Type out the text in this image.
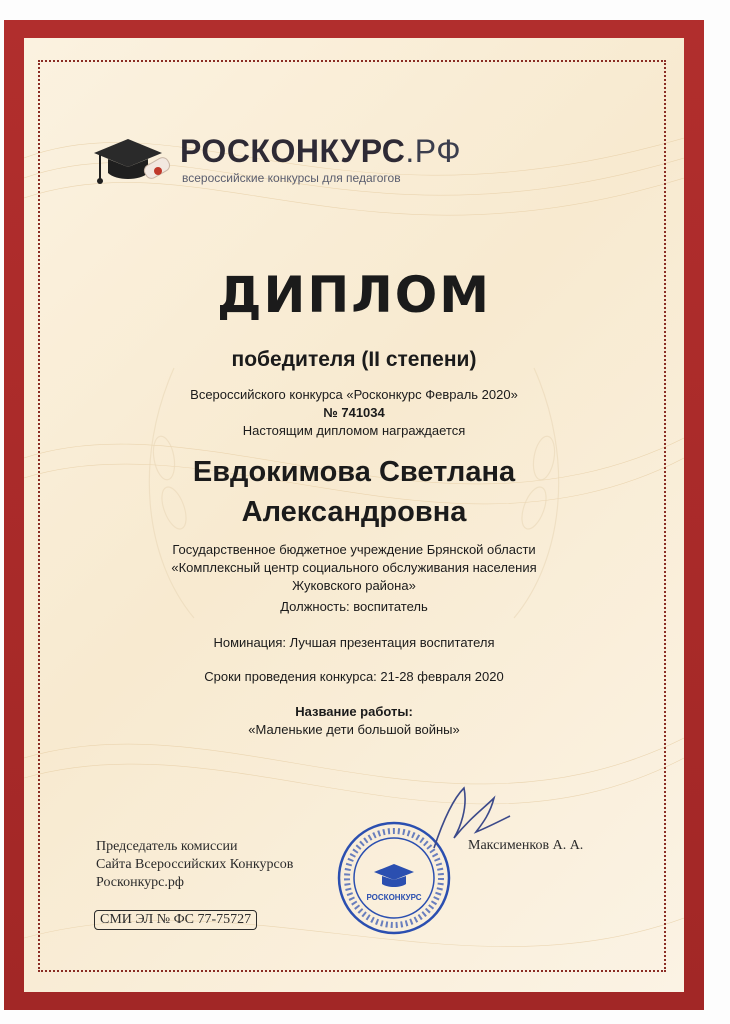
РОСКОНКУРС.РФ
всероссийские конкурсы для педагогов
ДИПЛОМ
победителя (II степени)
Всероссийского конкурса «Росконкурс Февраль 2020»
№ 741034
Настоящим дипломом награждается
Евдокимова Светлана
Александровна
Государственное бюджетное учреждение Брянской области
«Комплексный центр социального обслуживания населения
Жуковского района»
Должность: воспитатель
Номинация: Лучшая презентация воспитателя
Сроки проведения конкурса: 21-28 февраля 2020
Название работы:
«Маленькие дети большой войны»
Председатель комиссии
Сайта Всероссийских Конкурсов
Росконкурс.рф
СМИ ЭЛ № ФС 77-75727
РОСКОНКУРС
Максименков А. А.
